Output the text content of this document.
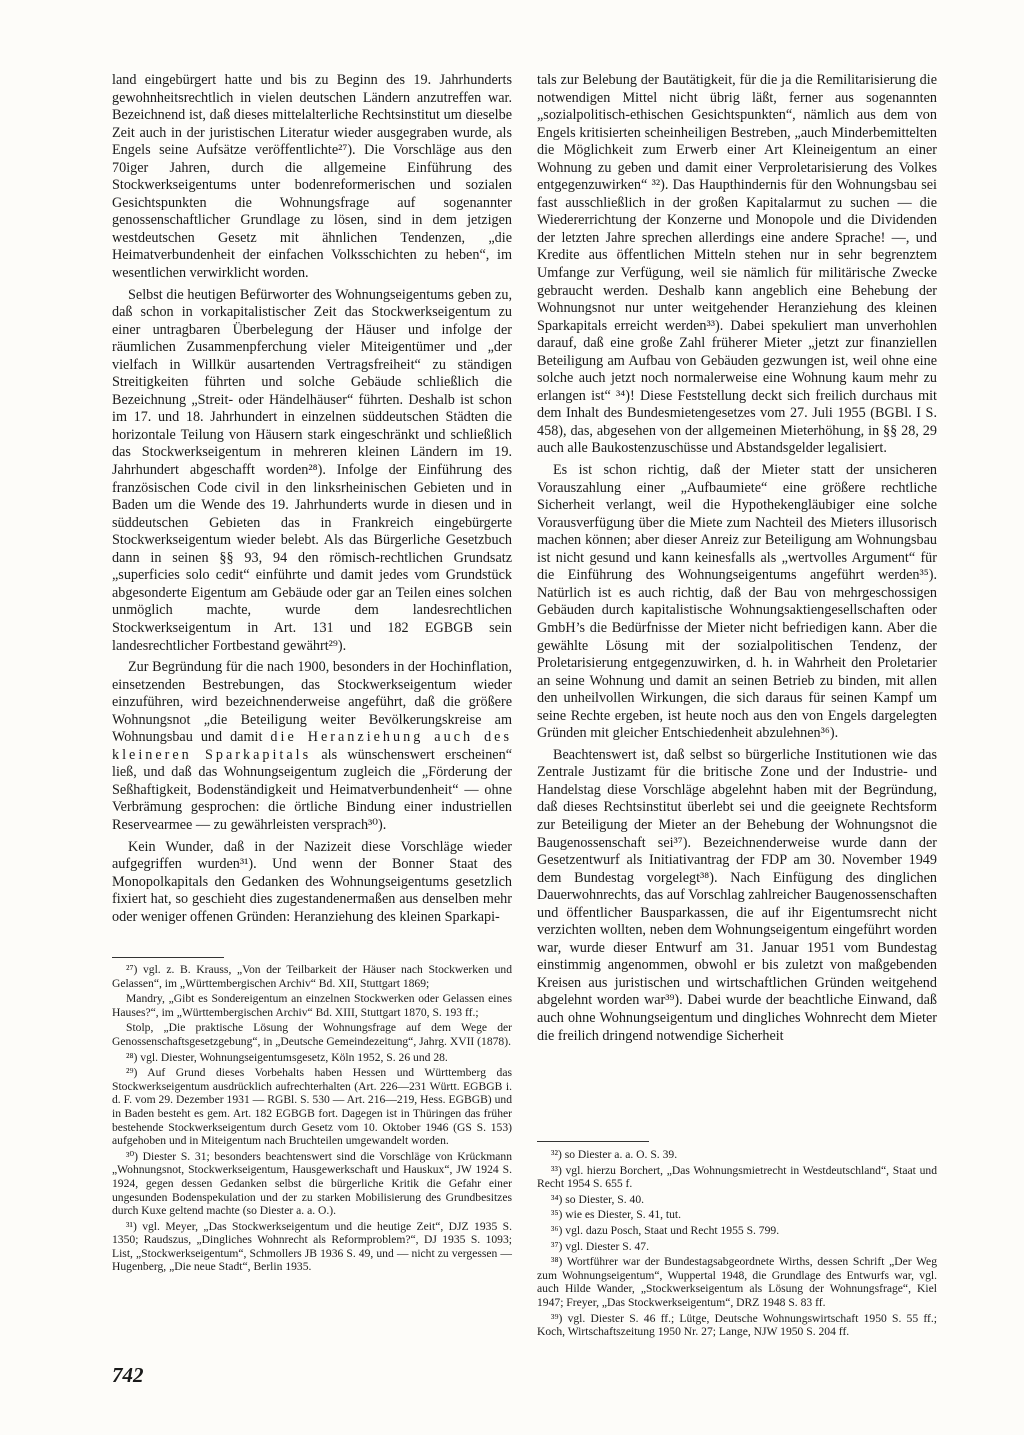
land eingebürgert hatte und bis zu Beginn des 19. Jahrhunderts gewohnheitsrechtlich in vielen deutschen Ländern anzutreffen war. Bezeichnend ist, daß dieses mittelalterliche Rechtsinstitut um dieselbe Zeit auch in der juristischen Literatur wieder ausgegraben wurde, als Engels seine Aufsätze veröffentlichte²⁷). Die Vorschläge aus den 70iger Jahren, durch die allgemeine Einführung des Stockwerkseigentums unter bodenreformerischen und sozialen Gesichtspunkten die Wohnungsfrage auf sogenannter genossenschaftlicher Grundlage zu lösen, sind in dem jetzigen westdeutschen Gesetz mit ähnlichen Tendenzen, „die Heimatverbundenheit der einfachen Volksschichten zu heben“, im wesentlichen verwirklicht worden.

Selbst die heutigen Befürworter des Wohnungseigentums geben zu, daß schon in vorkapitalistischer Zeit das Stockwerkseigentum zu einer untragbaren Überbelegung der Häuser und infolge der räumlichen Zusammenpferchung vieler Miteigentümer und „der vielfach in Willkür ausartenden Vertragsfreiheit“ zu ständigen Streitigkeiten führten und solche Gebäude schließlich die Bezeichnung „Streit- oder Händelhäuser“ führten. Deshalb ist schon im 17. und 18. Jahrhundert in einzelnen süddeutschen Städten die horizontale Teilung von Häusern stark eingeschränkt und schließlich das Stockwerkseigentum in mehreren kleinen Ländern im 19. Jahrhundert abgeschafft worden²⁸). Infolge der Einführung des französischen Code civil in den linksrheinischen Gebieten und in Baden um die Wende des 19. Jahrhunderts wurde in diesen und in süddeutschen Gebieten das in Frankreich eingebürgerte Stockwerkseigentum wieder belebt. Als das Bürgerliche Gesetzbuch dann in seinen §§ 93, 94 den römisch-rechtlichen Grundsatz „superficies solo cedit“ einführte und damit jedes vom Grundstück abgesonderte Eigentum am Gebäude oder gar an Teilen eines solchen unmöglich machte, wurde dem landesrechtlichen Stockwerkseigentum in Art. 131 und 182 EGBGB sein landesrechtlicher Fortbestand gewährt²⁹).

Zur Begründung für die nach 1900, besonders in der Hochinflation, einsetzenden Bestrebungen, das Stockwerkseigentum wieder einzuführen, wird bezeichnenderweise angeführt, daß die größere Wohnungsnot „die Beteiligung weiter Bevölkerungskreise am Wohnungsbau und damit die Heranziehung auch des kleineren Sparkapitals als wünschenswert erscheinen“ ließ, und daß das Wohnungseigentum zugleich die „Förderung der Seßhaftigkeit, Bodenständigkeit und Heimatverbundenheit“ — ohne Verbrämung gesprochen: die örtliche Bindung einer industriellen Reservearmee — zu gewährleisten versprach³⁰).

Kein Wunder, daß in der Nazizeit diese Vorschläge wieder aufgegriffen wurden³¹). Und wenn der Bonner Staat des Monopolkapitals den Gedanken des Wohnungseigentums gesetzlich fixiert hat, so geschieht dies zugestandenermaßen aus denselben mehr oder weniger offenen Gründen: Heranziehung des kleinen Sparkapi-

tals zur Belebung der Bautätigkeit, für die ja die Remilitarisierung die notwendigen Mittel nicht übrig läßt, ferner aus sogenannten „sozialpolitisch-ethischen Gesichtspunkten“, nämlich aus dem von Engels kritisierten scheinheiligen Bestreben, „auch Minderbemittelten die Möglichkeit zum Erwerb einer Art Kleineigentum an einer Wohnung zu geben und damit einer Verproletarisierung des Volkes entgegenzuwirken“ ³²). Das Haupthindernis für den Wohnungsbau sei fast ausschließlich in der großen Kapitalarmut zu suchen — die Wiedererrichtung der Konzerne und Monopole und die Dividenden der letzten Jahre sprechen allerdings eine andere Sprache! —, und Kredite aus öffentlichen Mitteln stehen nur in sehr begrenztem Umfange zur Verfügung, weil sie nämlich für militärische Zwecke gebraucht werden. Deshalb kann angeblich eine Behebung der Wohnungsnot nur unter weitgehender Heranziehung des kleinen Sparkapitals erreicht werden³³). Dabei spekuliert man unverhohlen darauf, daß eine große Zahl früherer Mieter „jetzt zur finanziellen Beteiligung am Aufbau von Gebäuden gezwungen ist, weil ohne eine solche auch jetzt noch normalerweise eine Wohnung kaum mehr zu erlangen ist“ ³⁴)! Diese Feststellung deckt sich freilich durchaus mit dem Inhalt des Bundesmietengesetzes vom 27. Juli 1955 (BGBl. I S. 458), das, abgesehen von der allgemeinen Mieterhöhung, in §§ 28, 29 auch alle Baukostenzuschüsse und Abstandsgelder legalisiert.

Es ist schon richtig, daß der Mieter statt der unsicheren Vorauszahlung einer „Aufbaumiete“ eine größere rechtliche Sicherheit verlangt, weil die Hypothekengläubiger eine solche Vorausverfügung über die Miete zum Nachteil des Mieters illusorisch machen können; aber dieser Anreiz zur Beteiligung am Wohnungsbau ist nicht gesund und kann keinesfalls als „wertvolles Argument“ für die Einführung des Wohnungseigentums angeführt werden³⁵). Natürlich ist es auch richtig, daß der Bau von mehrgeschossigen Gebäuden durch kapitalistische Wohnungsaktiengesellschaften oder GmbH’s die Bedürfnisse der Mieter nicht befriedigen kann. Aber die gewählte Lösung mit der sozialpolitischen Tendenz, der Proletarisierung entgegenzuwirken, d. h. in Wahrheit den Proletarier an seine Wohnung und damit an seinen Betrieb zu binden, mit allen den unheilvollen Wirkungen, die sich daraus für seinen Kampf um seine Rechte ergeben, ist heute noch aus den von Engels dargelegten Gründen mit gleicher Entschiedenheit abzulehnen³⁶).

Beachtenswert ist, daß selbst so bürgerliche Institutionen wie das Zentrale Justizamt für die britische Zone und der Industrie- und Handelstag diese Vorschläge abgelehnt haben mit der Begründung, daß dieses Rechtsinstitut überlebt sei und die geeignete Rechtsform zur Beteiligung der Mieter an der Behebung der Wohnungsnot die Baugenossenschaft sei³⁷). Bezeichnenderweise wurde dann der Gesetzentwurf als Initiativantrag der FDP am 30. November 1949 dem Bundestag vorgelegt³⁸). Nach Einfügung des dinglichen Dauerwohnrechts, das auf Vorschlag zahlreicher Baugenossenschaften und öffentlicher Bausparkassen, die auf ihr Eigentumsrecht nicht verzichten wollten, neben dem Wohnungseigentum eingeführt worden war, wurde dieser Entwurf am 31. Januar 1951 vom Bundestag einstimmig angenommen, obwohl er bis zuletzt von maßgebenden Kreisen aus juristischen und wirtschaftlichen Gründen weitgehend abgelehnt worden war³⁹). Dabei wurde der beachtliche Einwand, daß auch ohne Wohnungseigentum und dingliches Wohnrecht dem Mieter die freilich dringend notwendige Sicherheit

²⁷) vgl. z. B. Krauss, „Von der Teilbarkeit der Häuser nach Stockwerken und Gelassen“, im „Württembergischen Archiv“ Bd. XII, Stuttgart 1869;

Mandry, „Gibt es Sondereigentum an einzelnen Stockwerken oder Gelassen eines Hauses?“, im „Württembergischen Archiv“ Bd. XIII, Stuttgart 1870, S. 193 ff.;

Stolp, „Die praktische Lösung der Wohnungsfrage auf dem Wege der Genossenschaftsgesetzgebung“, in „Deutsche Gemeindezeitung“, Jahrg. XVII (1878).

²⁸) vgl. Diester, Wohnungseigentumsgesetz, Köln 1952, S. 26 und 28.

²⁹) Auf Grund dieses Vorbehalts haben Hessen und Württemberg das Stockwerkseigentum ausdrücklich aufrechterhalten (Art. 226—231 Württ. EGBGB i. d. F. vom 29. Dezember 1931 — RGBl. S. 530 — Art. 216—219, Hess. EGBGB) und in Baden besteht es gem. Art. 182 EGBGB fort. Dagegen ist in Thüringen das früher bestehende Stockwerkseigentum durch Gesetz vom 10. Oktober 1946 (GS S. 153) aufgehoben und in Miteigentum nach Bruchteilen umgewandelt worden.

³⁰) Diester S. 31; besonders beachtenswert sind die Vorschläge von Krückmann „Wohnungsnot, Stockwerkseigentum, Hausgewerkschaft und Hauskux“, JW 1924 S. 1924, gegen dessen Gedanken selbst die bürgerliche Kritik die Gefahr einer ungesunden Bodenspekulation und der zu starken Mobilisierung des Grundbesitzes durch Kuxe geltend machte (so Diester a. a. O.).

³¹) vgl. Meyer, „Das Stockwerkseigentum und die heutige Zeit“, DJZ 1935 S. 1350; Raudszus, „Dingliches Wohnrecht als Reformproblem?“, DJ 1935 S. 1093; List, „Stockwerkseigentum“, Schmollers JB 1936 S. 49, und — nicht zu vergessen — Hugenberg, „Die neue Stadt“, Berlin 1935.

³²) so Diester a. a. O. S. 39.

³³) vgl. hierzu Borchert, „Das Wohnungsmietrecht in Westdeutschland“, Staat und Recht 1954 S. 655 f.

³⁴) so Diester, S. 40.

³⁵) wie es Diester, S. 41, tut.

³⁶) vgl. dazu Posch, Staat und Recht 1955 S. 799.

³⁷) vgl. Diester S. 47.

³⁸) Wortführer war der Bundestagsabgeordnete Wirths, dessen Schrift „Der Weg zum Wohnungseigentum“, Wuppertal 1948, die Grundlage des Entwurfs war, vgl. auch Hilde Wander, „Stockwerkseigentum als Lösung der Wohnungsfrage“, Kiel 1947; Freyer, „Das Stockwerkseigentum“, DRZ 1948 S. 83 ff.

³⁹) vgl. Diester S. 46 ff.; Lütge, Deutsche Wohnungswirtschaft 1950 S. 55 ff.; Koch, Wirtschaftszeitung 1950 Nr. 27; Lange, NJW 1950 S. 204 ff.

742
